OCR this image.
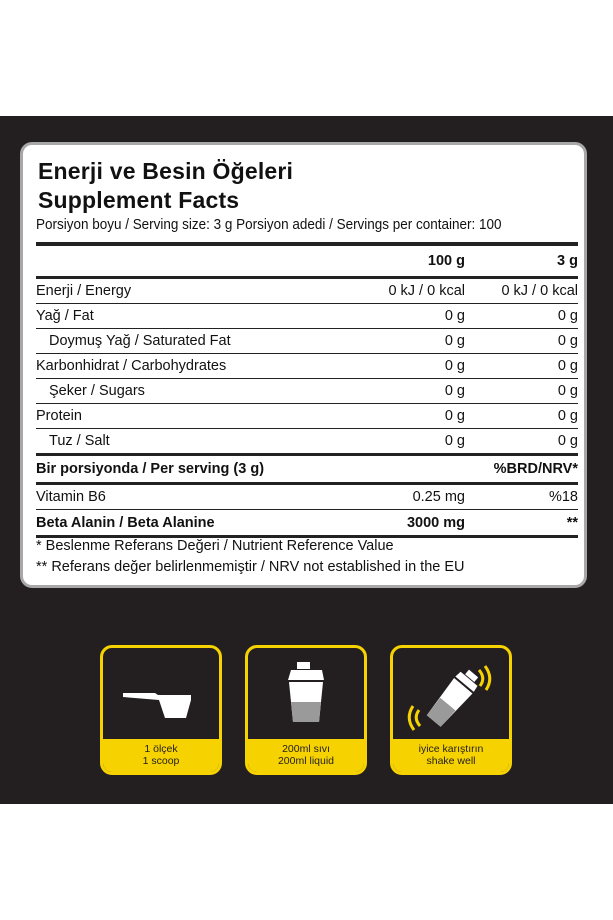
Enerji ve Besin Öğeleri
Supplement Facts
Porsiyon boyu / Serving size: 3 g Porsiyon adedi / Servings per container: 100
	100 g	3 g
Enerji / Energy	0 kJ / 0 kcal	0 kJ / 0 kcal
Yağ / Fat	0 g	0 g
Doymuş Yağ / Saturated Fat	0 g	0 g
Karbonhidrat / Carbohydrates	0 g	0 g
Şeker / Sugars	0 g	0 g
Protein	0 g	0 g
Tuz / Salt	0 g	0 g
Bir porsiyonda / Per serving (3 g)		%BRD/NRV*
Vitamin B6	0.25 mg	%18
Beta Alanin / Beta Alanine	3000 mg	**
* Beslenme Referans Değeri / Nutrient Reference Value
** Referans değer belirlenmemiştir / NRV not established in the EU
1 ölçek
1 scoop
200ml sıvı
200ml liquid
iyice karıştırın
shake well
